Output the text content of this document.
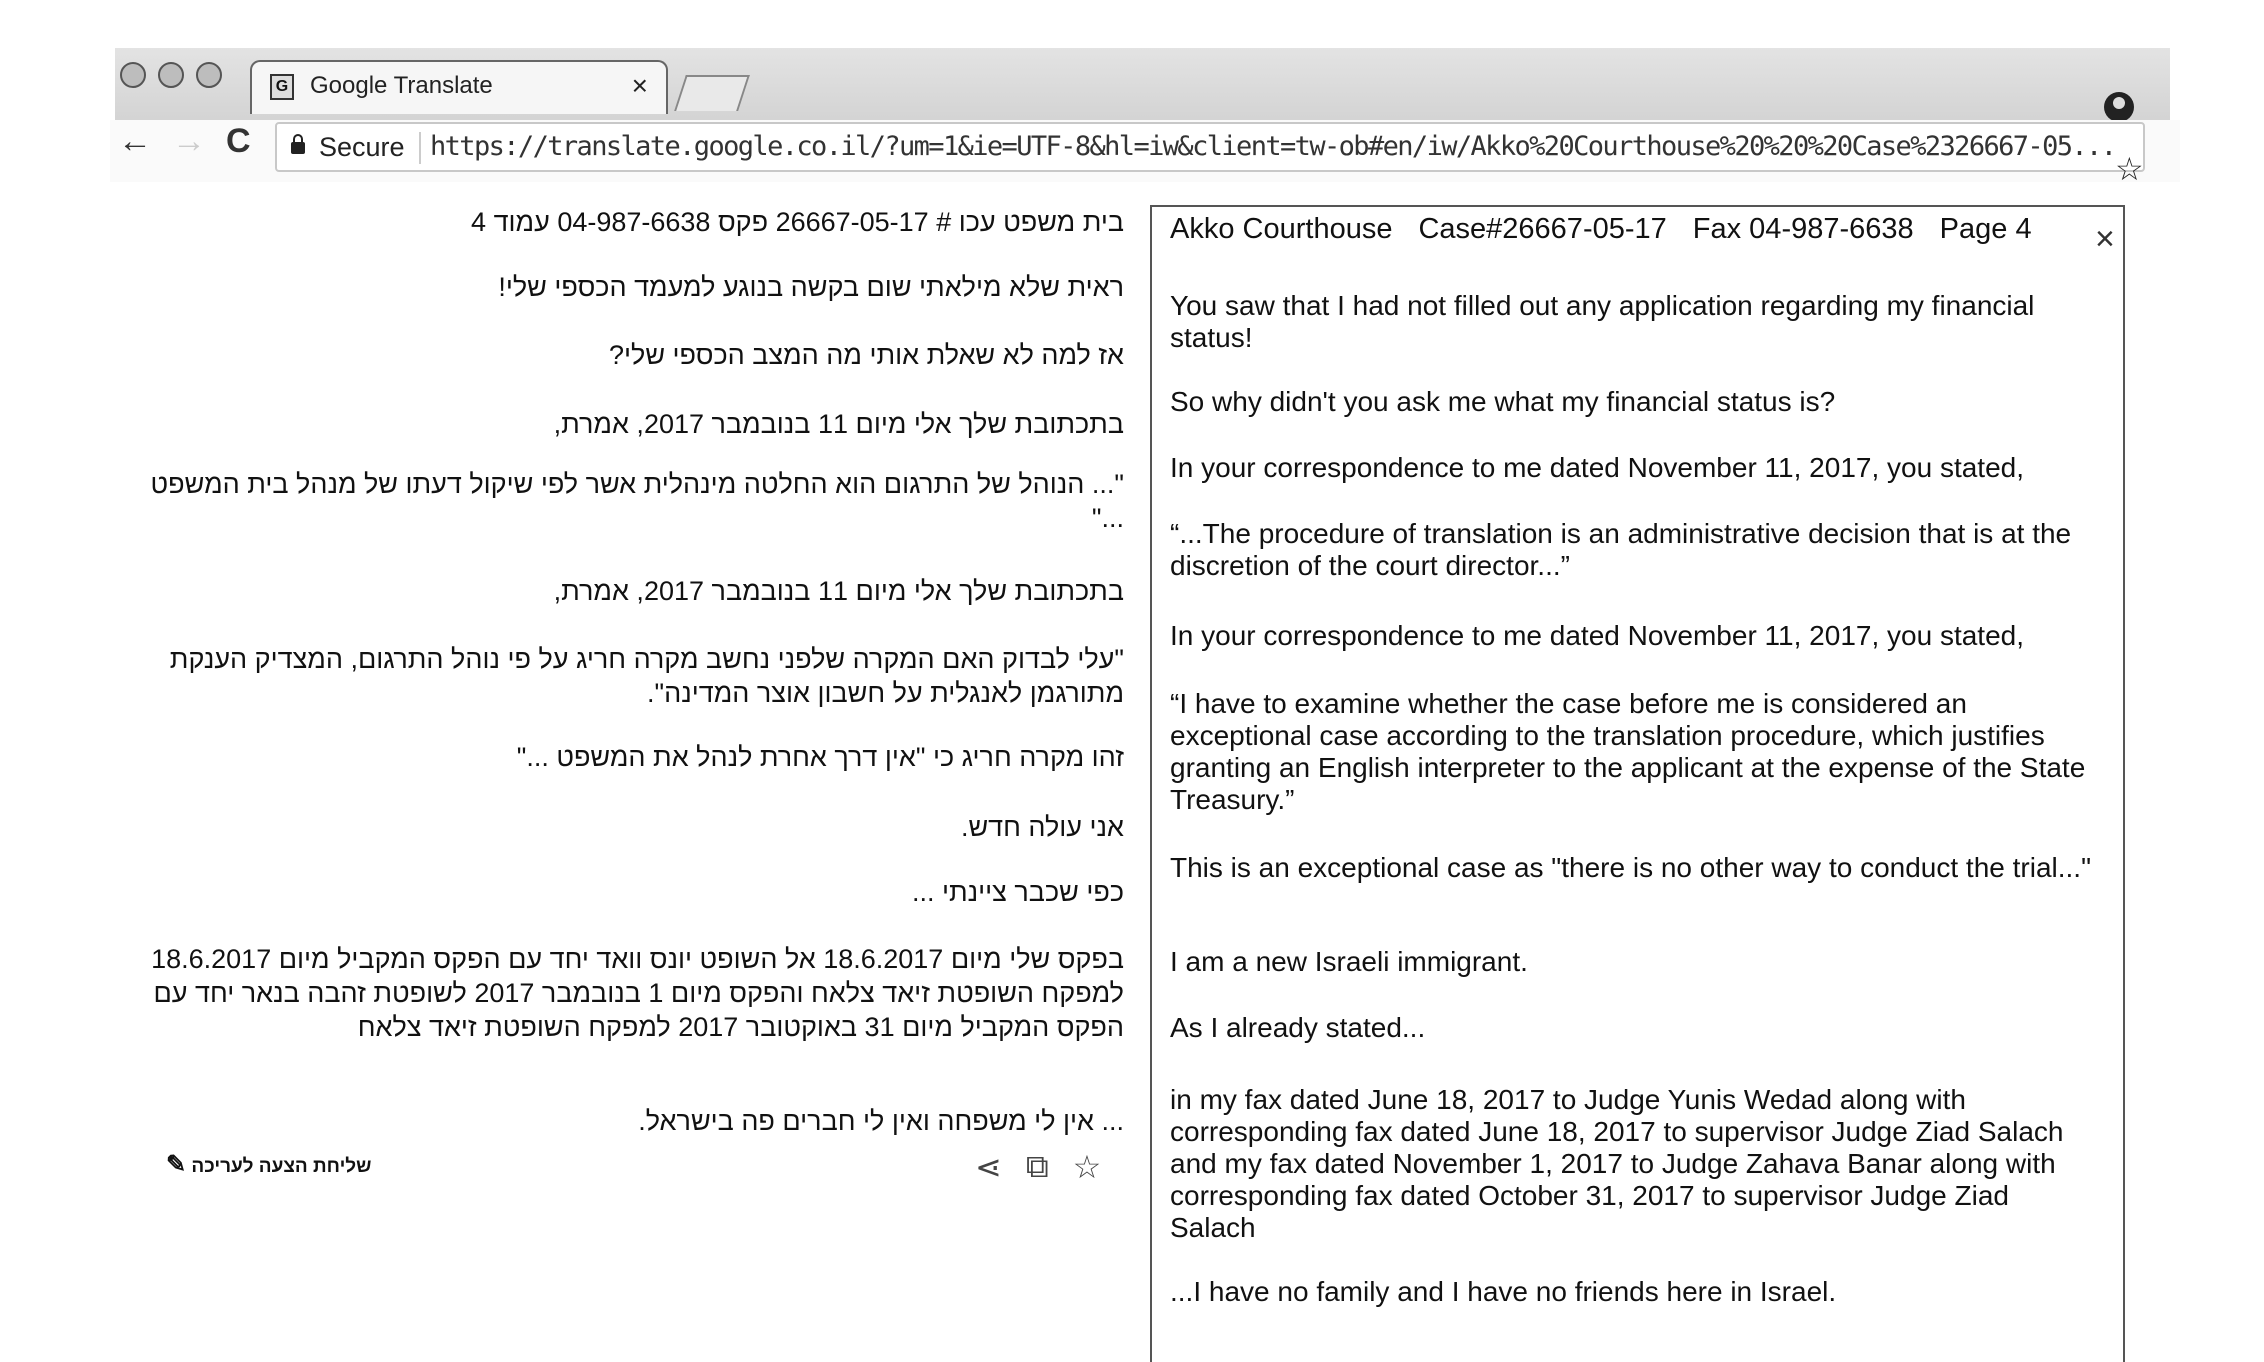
G Google Translate	×
← → C	Secure https://translate.google.co.il/?um=1&ie=UTF-8&hl=iw&client=tw-ob#en/iw/Akko%20Courthouse%20%20%20Case%2326667-05...
☆
בית משפט עכו # 26667-05-17 פקס 04-987-6638 עמוד 4
ראית שלא מילאתי שום בקשה בנוגע למעמד הכספי שלי!
אז למה לא שאלת אותי מה המצב הכספי שלי?
בתכתובת שלך אלי מיום 11 בנובמבר 2017, אמרת,
"... הנוהל של התרגום הוא החלטה מינהלית אשר לפי שיקול דעתו של מנהל בית המשפט ..."
בתכתובת שלך אלי מיום 11 בנובמבר 2017, אמרת,
"עלי לבדוק האם המקרה שלפני נחשב מקרה חריג על פי נוהל התרגום, המצדיק הענקת מתורגמן לאנגלית על חשבון אוצר המדינה".
זהו מקרה חריג כי "אין דרך אחרת לנהל את המשפט ..."
אני עולה חדש.
כפי שכבר ציינתי ...
בפקס שלי מיום 18.6.2017 אל השופט יונס וואד יחד עם הפקס המקביל מיום 18.6.2017 למפקח השופטת זיאד צלאח והפקס מיום 1 בנובמבר 2017 לשופטת זהבה בנאר יחד עם הפקס המקביל מיום 31 באוקטובר 2017 למפקח השופטת זיאד צלאח
... אין לי משפחה ואין לי חברים פה בישראל.
שליחת הצעה לעריכה ✎	⋖ ⧉ ☆
×
Akko Courthouse Case#26667-05-17 Fax 04-987-6638 Page 4
You saw that I had not filled out any application regarding my financial status!
So why didn't you ask me what my financial status is?
In your correspondence to me dated November 11, 2017, you stated,
“...The procedure of translation is an administrative decision that is at the discretion of the court director...”
In your correspondence to me dated November 11, 2017, you stated,
“I have to examine whether the case before me is considered an exceptional case according to the translation procedure, which justifies granting an English interpreter to the applicant at the expense of the State Treasury.”
This is an exceptional case as "there is no other way to conduct the trial..."
I am a new Israeli immigrant.
As I already stated...
in my fax dated June 18, 2017 to Judge Yunis Wedad along with corresponding fax dated June 18, 2017 to supervisor Judge Ziad Salach and my fax dated November 1, 2017 to Judge Zahava Banar along with corresponding fax dated October 31, 2017 to supervisor Judge Ziad Salach
...I have no family and I have no friends here in Israel.
